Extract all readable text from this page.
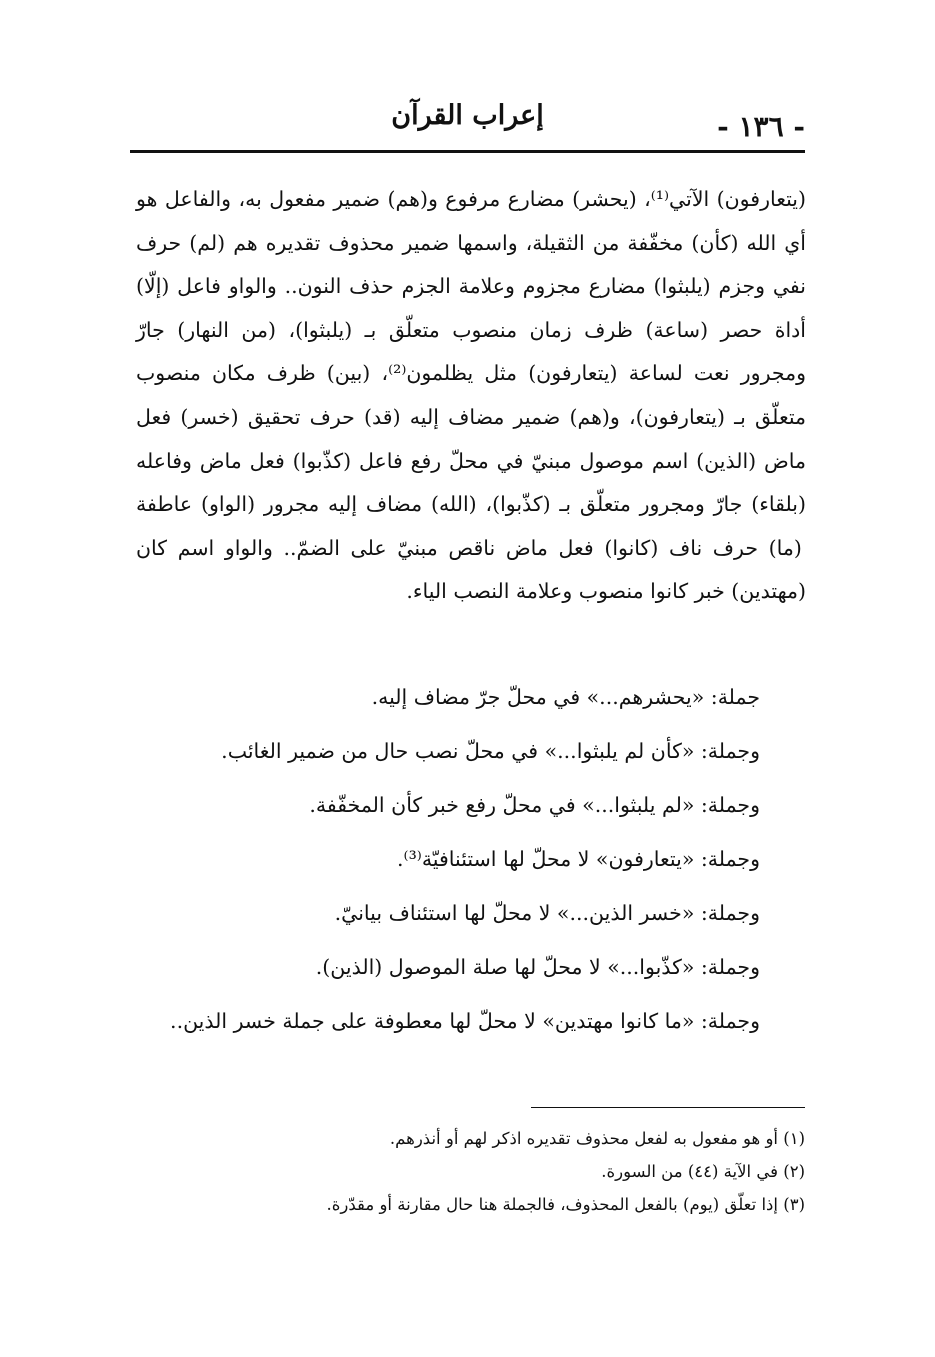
إعراب القرآن	- ١٣٦ -

(يتعارفون) الآتي⁽¹⁾، (يحشر) مضارع مرفوع و(هم) ضمير مفعول به، والفاعل هو أي الله (كأن) مخفّفة من الثقيلة، واسمها ضمير محذوف تقديره هم (لم) حرف نفي وجزم (يلبثوا) مضارع مجزوم وعلامة الجزم حذف النون.. والواو فاعل (إلّا) أداة حصر (ساعة) ظرف زمان منصوب متعلّق بـ (يلبثوا)، (من النهار) جارّ ومجرور نعت لساعة (يتعارفون) مثل يظلمون⁽²⁾، (بين) ظرف مكان منصوب متعلّق بـ (يتعارفون)، و(هم) ضمير مضاف إليه (قد) حرف تحقيق (خسر) فعل ماض (الذين) اسم موصول مبنيّ في محلّ رفع فاعل (كذّبوا) فعل ماض وفاعله (بلقاء) جارّ ومجرور متعلّق بـ (كذّبوا)، (الله) مضاف إليه مجرور (الواو) عاطفة (ما) حرف ناف (كانوا) فعل ماض ناقص مبنيّ على الضمّ.. والواو اسم كان (مهتدين) خبر كانوا منصوب وعلامة النصب الياء.

جملة: «يحشرهم...» في محلّ جرّ مضاف إليه.
وجملة: «كأن لم يلبثوا...» في محلّ نصب حال من ضمير الغائب.
وجملة: «لم يلبثوا...» في محلّ رفع خبر كأن المخفّفة.
وجملة: «يتعارفون» لا محلّ لها استئنافيّة⁽³⁾.
وجملة: «خسر الذين...» لا محلّ لها استئناف بيانيّ.
وجملة: «كذّبوا...» لا محلّ لها صلة الموصول (الذين).
وجملة: «ما كانوا مهتدين» لا محلّ لها معطوفة على جملة خسر الذين..
(١) أو هو مفعول به لفعل محذوف تقديره اذكر لهم أو أنذرهم.
(٢) في الآية (٤٤) من السورة.
(٣) إذا تعلّق (يوم) بالفعل المحذوف، فالجملة هنا حال مقارنة أو مقدّرة.
